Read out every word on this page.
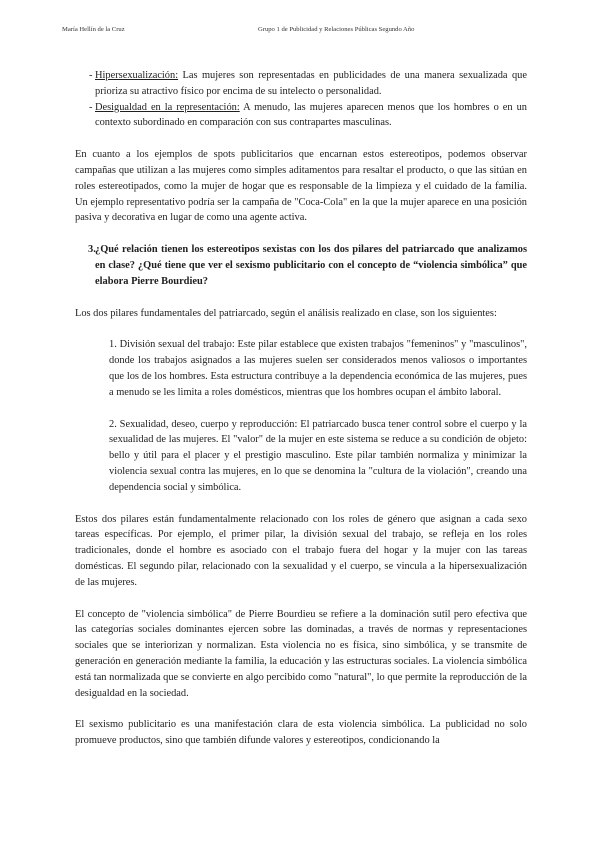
María Hellín de la Cruz	Grupo 1 de Publicidad y Relaciones Públicas Segundo Año
- Hipersexualización: Las mujeres son representadas en publicidades de una manera sexualizada que prioriza su atractivo físico por encima de su intelecto o personalidad.
- Desigualdad en la representación: A menudo, las mujeres aparecen menos que los hombres o en un contexto subordinado en comparación con sus contrapartes masculinas.

En cuanto a los ejemplos de spots publicitarios que encarnan estos estereotipos, podemos observar campañas que utilizan a las mujeres como simples aditamentos para resaltar el producto, o que las sitúan en roles estereotipados, como la mujer de hogar que es responsable de la limpieza y el cuidado de la familia. Un ejemplo representativo podría ser la campaña de "Coca-Cola" en la que la mujer aparece en una posición pasiva y decorativa en lugar de como una agente activa.

3. ¿Qué relación tienen los estereotipos sexistas con los dos pilares del patriarcado que analizamos en clase? ¿Qué tiene que ver el sexismo publicitario con el concepto de “violencia simbólica” que elabora Pierre Bourdieu?

Los dos pilares fundamentales del patriarcado, según el análisis realizado en clase, son los siguientes:

1. División sexual del trabajo: Este pilar establece que existen trabajos "femeninos" y "masculinos", donde los trabajos asignados a las mujeres suelen ser considerados menos valiosos o importantes que los de los hombres. Esta estructura contribuye a la dependencia económica de las mujeres, pues a menudo se les limita a roles domésticos, mientras que los hombres ocupan el ámbito laboral.

2. Sexualidad, deseo, cuerpo y reproducción: El patriarcado busca tener control sobre el cuerpo y la sexualidad de las mujeres. El "valor" de la mujer en este sistema se reduce a su condición de objeto: bello y útil para el placer y el prestigio masculino. Este pilar también normaliza y minimizar la violencia sexual contra las mujeres, en lo que se denomina la "cultura de la violación", creando una dependencia social y simbólica.

Estos dos pilares están fundamentalmente relacionado con los roles de género que asignan a cada sexo tareas específicas. Por ejemplo, el primer pilar, la división sexual del trabajo, se refleja en los roles tradicionales, donde el hombre es asociado con el trabajo fuera del hogar y la mujer con las tareas domésticas. El segundo pilar, relacionado con la sexualidad y el cuerpo, se vincula a la hipersexualización de las mujeres.

El concepto de "violencia simbólica" de Pierre Bourdieu se refiere a la dominación sutil pero efectiva que las categorías sociales dominantes ejercen sobre las dominadas, a través de normas y representaciones sociales que se interiorizan y normalizan. Esta violencia no es física, sino simbólica, y se transmite de generación en generación mediante la familia, la educación y las estructuras sociales. La violencia simbólica está tan normalizada que se convierte en algo percibido como "natural", lo que permite la reproducción de la desigualdad en la sociedad.

El sexismo publicitario es una manifestación clara de esta violencia simbólica. La publicidad no solo promueve productos, sino que también difunde valores y estereotipos, condicionando la
